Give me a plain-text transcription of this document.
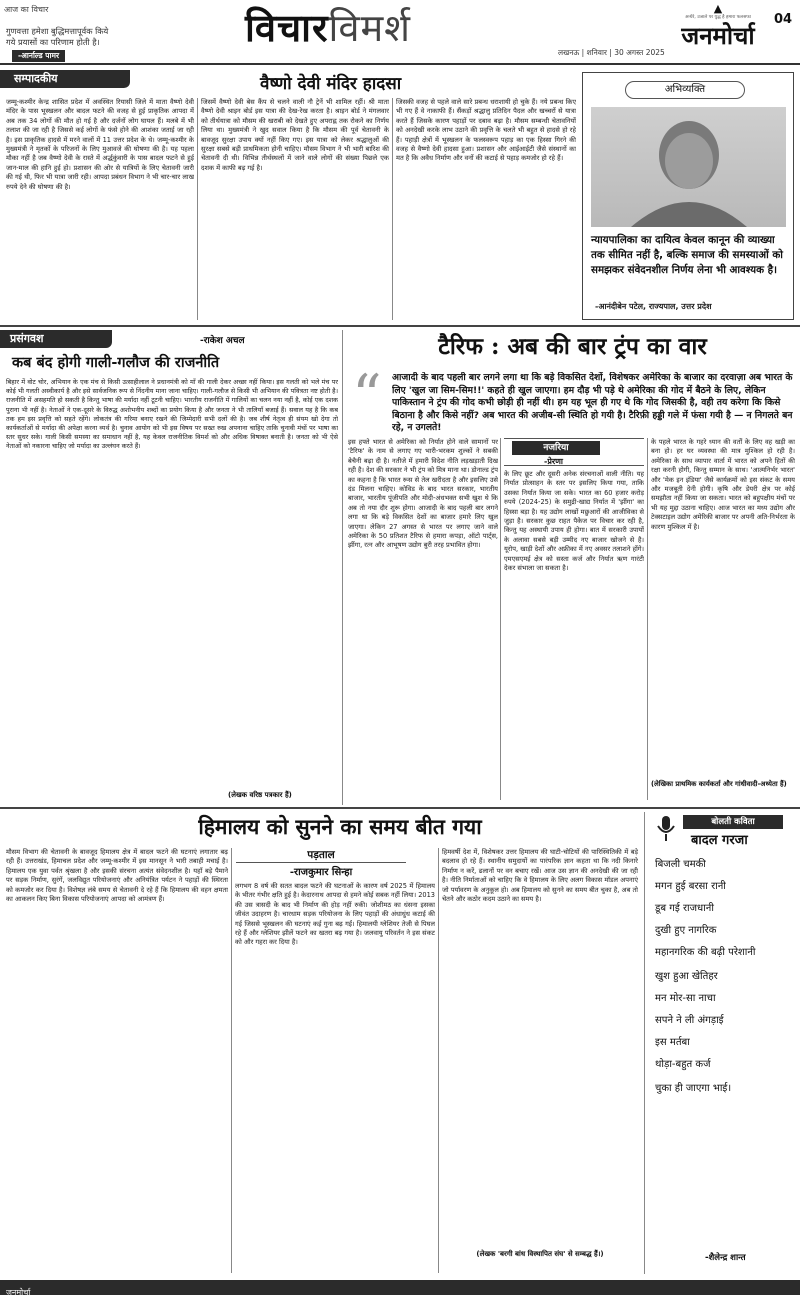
आज का विचार
गुणवत्ता हमेशा बुद्धिमत्तापूर्वक किये
गये प्रयासों का परिणाम होती है।
-आर्नाल्ड पामर
विचारविमर्श
लखनऊ | शनिवार | 30 अगस्त 2025
▲
अन्धेरे, उजाले पर युद्ध है हमारा फलसफा
जनमोर्चा
04
सम्पादकीय	वैष्णो देवी मंदिर हादसा
जम्मू-कश्मीर केन्द्र शासित प्रदेश में अवस्थित रियासी जिले में माता वैष्णो देवी मंदिर के पास भूस्खलन और बादल फटने की वजह से हुई प्राकृतिक आपदा में अब तक 34 लोगों की मौत हो गई है और दर्जनों लोग घायल हैं। मलबे में भी तलाश की जा रही है जिससे कई लोगों के फंसे होने की आशंका जताई जा रही है। इस प्राकृतिक हादसे में मरने वालों में 11 उत्तर प्रदेश के थे। जम्मू-कश्मीर के मुख्यमंत्री ने मृतकों के परिजनों के लिए मुआवजे की घोषणा की है। यह पहला मौका नहीं है जब वैष्णो देवी के रास्ते में अर्द्धकुंवारी के पास बादल फटने से हुई जान-माल की हानि हुई हो। प्रशासन की ओर से यात्रियों के लिए चेतावनी जारी की गई थी, फिर भी यात्रा जारी रही। आपदा प्रबंधन विभाग ने भी चार-चार लाख रुपये देने की घोषणा की है।
जिसमें वैष्णो देवी बेस कैंप से चलने वाली नौ ट्रेनें भी शामिल रहीं। श्री माता वैष्णो देवी श्राइन बोर्ड इस यात्रा की देख-रेख करता है। श्राइन बोर्ड ने मंगलवार को तीर्थयात्रा को मौसम की खराबी को देखते हुए अपराह्न तक रोकने का निर्णय लिया था। मुख्यमंत्री ने खुद सवाल किया है कि मौसम की पूर्व चेतावनी के बावजूद सुरक्षा उपाय क्यों नहीं किए गए। इस यात्रा को लेकर श्रद्धालुओं की सुरक्षा सबसे बड़ी प्राथमिकता होनी चाहिए। मौसम विभाग ने भी भारी बारिश की चेतावनी दी थी। विभिन्न तीर्थस्थलों में जाने वाले लोगों की संख्या पिछले एक दशक में काफी बढ़ गई है।
जिसकी वजह से पहले वाले सारे प्रबन्ध धराशायी हो चुके हैं। नये प्रबन्ध किए भी गए हैं वे नाकाफी हैं। सैंकड़ों श्रद्धालु प्रतिदिन पैदल और खच्चरों से यात्रा करते हैं जिसके कारण पहाड़ों पर दबाव बढ़ा है। मौसम सम्बन्धी चेतावनियों को अनदेखी करके लाभ उठाने की प्रवृत्ति के चलते भी बहुत से हादसे हो रहे हैं। पहाड़ी क्षेत्रों में भूस्खलन के फलस्वरूप पहाड़ का एक हिस्सा गिरने की वजह से वैष्णो देवी हादसा हुआ। प्रशासन और आईआईटी जैसे संस्थानों का मत है कि अवैध निर्माण और वनों की कटाई से पहाड़ कमजोर हो रहे हैं।
अभिव्यक्ति
न्यायपालिका का दायित्व केवल कानून की व्याख्या तक सीमित नहीं है, बल्कि समाज की समस्याओं को समझकर संवेदनशील निर्णय लेना भी आवश्यक है।
-आनंदीबेन पटेल, राज्यपाल, उत्तर प्रदेश
प्रसंगवश	-राकेश अचल
कब बंद होगी गाली-गलौज की राजनीति
बिहार में वोट चोर, अभियान के एक मंच से किसी उत्साहीलाल ने प्रधानमंत्री को माँ की गाली देकर अच्छा नहीं किया। इस गलती को भले मंच पर कोई भी गलती अस्वीकार्य है और इसे सार्वजनिक रूप से निंदनीय माना जाना चाहिए। गाली-गलौज से किसी भी अभियान की पवित्रता नष्ट होती है। राजनीति में असहमति हो सकती है किन्तु भाषा की मर्यादा नहीं टूटनी चाहिए। भारतीय राजनीति में गालियों का चलन नया नहीं है, कोई एक दशक पुराना भी नहीं है। नेताओं ने एक-दूसरे के विरुद्ध अशोभनीय शब्दों का प्रयोग किया है और जनता ने भी तालियाँ बजाई हैं। सवाल यह है कि कब तक हम इस प्रवृत्ति को सहते रहेंगे। लोकतंत्र की गरिमा बनाए रखने की जिम्मेदारी सभी दलों की है। जब शीर्ष नेतृत्व ही संयम खो देगा तो कार्यकर्ताओं से मर्यादा की अपेक्षा करना व्यर्थ है। चुनाव आयोग को भी इस विषय पर सख्त रुख अपनाना चाहिए ताकि चुनावी मंचों पर भाषा का स्तर सुधर सके। गाली किसी समस्या का समाधान नहीं है, यह केवल राजनीतिक विमर्श को और अधिक विषाक्त बनाती है। जनता को भी ऐसे नेताओं को नकारना चाहिए जो मर्यादा का उल्लंघन करते हैं।
(लेखक वरिष्ठ पत्रकार हैं)
टैरिफ : अब की बार ट्रंप का वार
“ आजादी के बाद पहली बार लगने लगा था कि बड़े विकसित देशों, विशेषकर अमेरिका के बाजार का दरवाज़ा अब भारत के लिए 'खुल जा सिम-सिम!!' कहते ही खुल जाएगा। हम दौड़ भी पड़े थे अमेरिका की गोद में बैठने के लिए, लेकिन पाकिस्तान ने ट्रंप की गोद कभी छोड़ी ही नहीं थी। हम यह भूल ही गए थे कि गोद जिसकी है, वही तय करेगा कि किसे बिठाना है और किसे नहीं? अब भारत की अजीब-सी स्थिति हो गयी है। टैरिफ़ी हड्डी गले में फंसा गयी है — न निगलते बन रहे, न उगलते!
इस हफ्ते भारत से अमेरिका को निर्यात होने वाले सामानों पर 'टैरिफ' के नाम से लगाए गए भारी-भरकम शुल्कों ने सबकी बेचैनी बढ़ा दी है। नतीजे में हमारी विदेश नीति लड़खड़ाती दिख रही है। देश की सरकार ने भी ट्रंप को मित्र माना था। डोनाल्ड ट्रंप का कहना है कि भारत रूस से तेल खरीदता है और इसलिए उसे दंड मिलना चाहिए। कोविड के बाद भारत सरकार, भारतीय बाजार, भारतीय पूंजीपति और मोदी-अंधभक्त सभी खुश थे कि अब तो नया दौर शुरू होगा। आजादी के बाद पहली बार लगने लगा था कि बड़े विकसित देशों का बाजार हमारे लिए खुल जाएगा। लेकिन 27 अगस्त से भारत पर लगाए जाने वाले अमेरिका के 50 प्रतिशत टैरिफ से हमारा कपड़ा, ऑटो पार्ट्स, झींगा, रत्न और आभूषण उद्योग बुरी तरह प्रभावित होगा।
नजरिया
-प्रेरणा
के लिए छूट और दूसरी अनेक संरचनाओं वाली नीति। यह निर्यात प्रोत्साहन के स्तर पर इसलिए किया गया, ताकि उसका निर्यात किया जा सके। भारत का 60 हजार करोड़ रुपये (2024-25) के समुद्री-खाद्य निर्यात में 'झींगा' का हिस्सा बड़ा है। यह उद्योग लाखों मछुआरों की आजीविका से जुड़ा है। सरकार कुछ राहत पैकेज पर विचार कर रही है, किन्तु यह अस्थायी उपाय ही होगा। बात में सरकारी उपायों के अलावा सबसे बड़ी उम्मीद नए बाजार खोजने से है। यूरोप, खाड़ी देशों और अफ्रीका में नए अवसर तलाशने होंगे। एमएसएमई क्षेत्र को सस्ता कर्ज और निर्यात ऋण गारंटी देकर संभाला जा सकता है।
के पहले भारत के गहरे ध्यान की वर्तों के लिए वह खड़ी का बना हो। हर घर व्यवस्था की मात्र मुश्किल हो रही है। अमेरिका के साथ व्यापार वार्ता में भारत को अपने हितों की रक्षा करनी होगी, किन्तु सम्मान के साथ। 'आत्मनिर्भर भारत' और 'मेक इन इंडिया' जैसे कार्यक्रमों को इस संकट के समय और मजबूती देनी होगी। कृषि और डेयरी क्षेत्र पर कोई समझौता नहीं किया जा सकता। भारत को बहुपक्षीय मंचों पर भी यह मुद्दा उठाना चाहिए। आज भारत का मध्य उद्योग और टेक्सटाइल उद्योग अमेरिकी बाजार पर अपनी अति-निर्भरता के कारण मुश्किल में है।
(लेखिका प्राथमिक कार्यकर्ता और गांधीवादी-अध्येता हैं)
हिमालय को सुनने का समय बीत गया
पड़ताल
-राजकुमार सिन्हा
मौसम विभाग की चेतावनी के बावजूद हिमालय क्षेत्र में बादल फटने की घटनाएं लगातार बढ़ रही हैं। उत्तराखंड, हिमाचल प्रदेश और जम्मू-कश्मीर में इस मानसून ने भारी तबाही मचाई है। हिमालय एक युवा पर्वत श्रृंखला है और इसकी संरचना अत्यंत संवेदनशील है। यहाँ बड़े पैमाने पर सड़क निर्माण, सुरंगें, जलविद्युत परियोजनाएं और अनियंत्रित पर्यटन ने पहाड़ों की स्थिरता को कमजोर कर दिया है। विशेषज्ञ लंबे समय से चेतावनी दे रहे हैं कि हिमालय की वहन क्षमता का आकलन किए बिना विकास परियोजनाएं आपदा को आमंत्रण हैं।
लगभग 8 वर्ष की सतत बादल फटने की घटनाओं के कारण वर्ष 2025 में हिमालय के भीतर गंभीर क्षति हुई है। केदारनाथ आपदा से हमने कोई सबक नहीं लिया। 2013 की उस त्रासदी के बाद भी निर्माण की होड़ नहीं रुकी। जोशीमठ का धंसना इसका जीवंत उदाहरण है। चारधाम सड़क परियोजना के लिए पहाड़ों की अंधाधुंध कटाई की गई जिससे भूस्खलन की घटनाएं कई गुना बढ़ गईं। हिमालयी ग्लेशियर तेजी से पिघल रहे हैं और ग्लेशियर झीलें फटने का खतरा बढ़ गया है। जलवायु परिवर्तन ने इस संकट को और गहरा कर दिया है।
हिमवर्षी देश में, विशेषकर उत्तर हिमालय की घाटी-चोटियों की पारिस्थितिकी में बड़े बदलाव हो रहे हैं। स्थानीय समुदायों का पारंपरिक ज्ञान कहता था कि नदी किनारे निर्माण न करें, ढलानों पर वन बचाए रखें। आज उस ज्ञान की अनदेखी की जा रही है। नीति निर्माताओं को चाहिए कि वे हिमालय के लिए अलग विकास मॉडल अपनाएं जो पर्यावरण के अनुकूल हो। अब हिमालय को सुनने का समय बीत चुका है, अब तो चेतने और कठोर कदम उठाने का समय है।
(लेखक 'बरगी बांध विस्थापित संघ' से सम्बद्ध हैं।)
बोलती कविता
बादल गरजा
बिजली चमकी
मगन हुई बरसा रानी
डूब गई राजधानी
दुखी हुए नागरिक
महानगरिक की बढ़ी परेशानी
खुश हुआ खेतिहर
मन मोर-सा नाचा
सपने ने ली अंगड़ाई
इस मर्तबा
थोड़ा-बहुत कर्ज
चुका ही जाएगा भाई।
-शैलेन्द्र शान्त
जनमोर्चा
